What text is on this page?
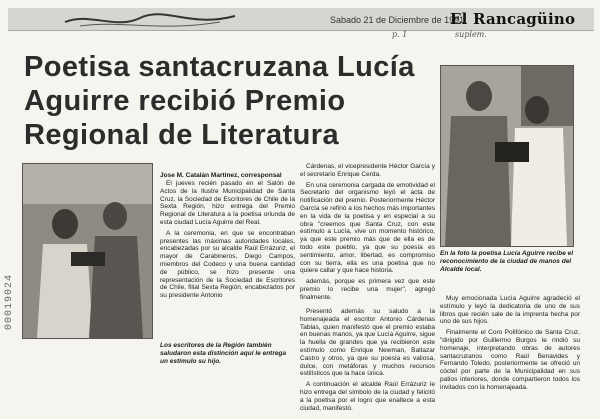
Sabado 21 de Diciembre de 1991
El Rancagüino
p. 1	suplem.
Poetisa santacruzana Lucía Aguirre recibió Premio Regional de Literatura
00019024
Los escritores de la Región también saludaron esta distinción aquí le entrega un estímulo su hijo.
En la foto la poetisa Lucía Aguirre recibe el reconocimiento de la ciudad de manos del Alcalde local.
Jose M. Catalán Martínez, corresponsal

El jueves recién pasado en el Salón de Actos de la Ilustre Municipalidad de Santa Cruz, la Sociedad de Escritores de Chile de la Sexta Región, hizo entrega del Premio Regional de Literatura a la poetisa oriunda de esta ciudad Lucía Aguirre del Real.

A la ceremonia, en que se encontraban presentes las máximas autoridades locales, encabezadas por su alcalde Raúl Errázuriz, el mayor de Carabineros, Diego Campos, miembros del Codeco y una buena cantidad de público, se hizo presente una representación de la Sociedad de Escritores de Chile, filial Sexta Región, encabezados por su presidente Antonio

Cárdenas, el vicepresidente Héctor García y el secretario Enrique Cerda.

En una ceremonia cargada de emotividad el Secretario del organismo leyó el acta de notificación del premio. Posteriormente Héctor García se refirió a los hechos más importantes en la vida de la poetisa y en especial a su obra "creemos que Santa Cruz, con este estímulo a Lucía, vive un momento histórico, ya que este premio más que de ella es de todo este pueblo, ya que su poesía es sentimiento, amor, libertad, es compromiso con su tierra, ella es una poetisa que no quiere callar y que hace historia.

además, porque es primera vez que este premio lo recibe una mujer", agregó finalmente.

Presentó además su saludo a la homenajeada el escritor Antonio Cárdenas Tablas, quien manifestó que el premio estaba en buenas manos, ya que Lucía Aguirre, sigue la huella de grandes que ya recibieron este estímulo como Enrique Newman, Baltazar Castro y otros, ya que su poesía es valiosa, dulce, con metáforas y muchos recursos estilísticos que la hace única.

A continuación el alcalde Raúl Errázuriz le hizo entrega del símbolo de la ciudad y felicitó a la poetisa por el logro que enaltece a esta ciudad, manifestó.

Muy emocionada Lucía Aguirre agradeció el estímulo y leyó la dedicatoria de uno de sus libros que recién sale de la imprenta hecha por uno de sus hijos.

Finalmente el Coro Polifónico de Santa Cruz, "dirigido por Guillermo Burgos le rindió su homenaje, interpretando obras de autores santacruzanos como Raúl Benavides y Fernando Toledo, posteriormente se ofreció un cóctel por parte de la Municipalidad en sus patios interiores, donde compartieron todos los invitados con la homenajeada.
